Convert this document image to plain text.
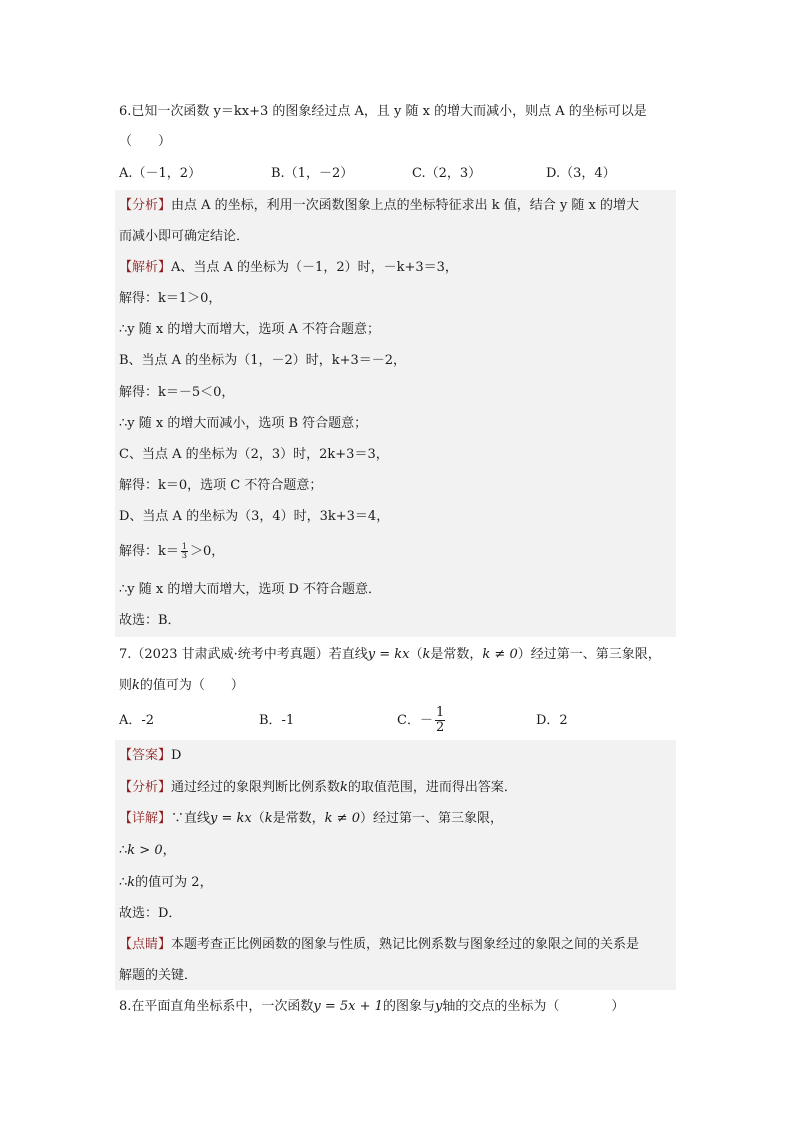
6.已知一次函数 y＝kx+3 的图象经过点 A，且 y 随 x 的增大而减小，则点 A 的坐标可以是
（　　）
A.（－1，2）	B.（1，－2）	C.（2，3）	D.（3，4）
【分析】由点 A 的坐标，利用一次函数图象上点的坐标特征求出 k 值，结合 y 随 x 的增大
而减小即可确定结论．
【解析】A、当点 A 的坐标为（－1，2）时，－k+3＝3，
解得：k＝1＞0，
∴y 随 x 的增大而增大，选项 A 不符合题意；
B、当点 A 的坐标为（1，－2）时，k+3＝－2，
解得：k＝－5＜0，
∴y 随 x 的增大而减小，选项 B 符合题意；
C、当点 A 的坐标为（2，3）时，2k+3＝3，
解得：k＝0，选项 C 不符合题意；
D、当点 A 的坐标为（3，4）时，3k+3＝4，
解得：$k= \frac{1}{3} >0$，
∴y 随 x 的增大而增大，选项 D 不符合题意．
故选：B．
7.（2023 甘肃武威·统考中考真题）若直线y = kx（k是常数，k ≠ 0）经过第一、第三象限，
则k的值可为（　　）
A．-2	B．-1	C．－ $\frac{1}{2}$	D．2
【答案】D
【分析】通过经过的象限判断比例系数k的取值范围，进而得出答案．
【详解】∵直线y = kx（k是常数，k ≠ 0）经过第一、第三象限，
∴k > 0，
∴k的值可为 2，
故选：D．
【点睛】本题考查正比例函数的图象与性质，熟记比例系数与图象经过的象限之间的关系是
解题的关键．
8.在平面直角坐标系中，一次函数y = 5x + 1的图象与y轴的交点的坐标为（　　　　）
